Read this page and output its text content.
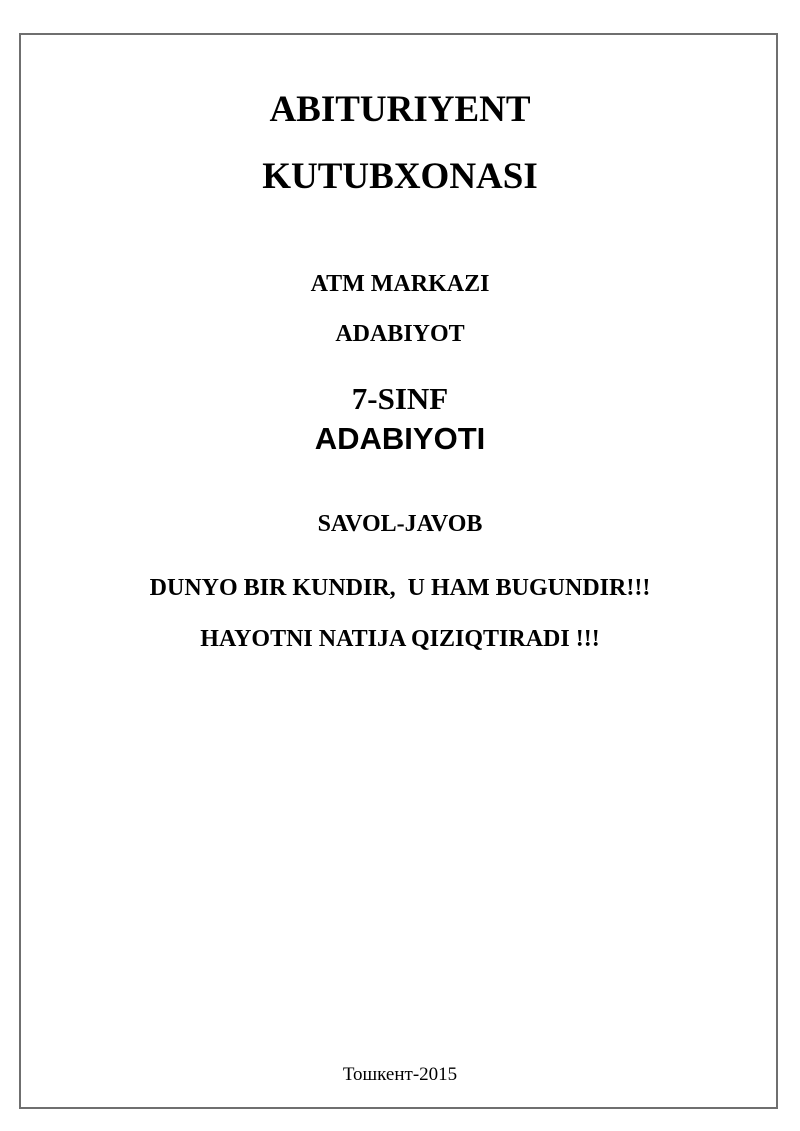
ABITURIYENT
KUTUBXONASI
ATM MARKAZI
ADABIYOT
7-SINF
ADABIYOTI
SAVOL-JAVOB
DUNYO BIR KUNDIR,  U HAM BUGUNDIR!!!
HAYOTNI NATIJA QIZIQTIRADI !!!
Тошкент-2015
